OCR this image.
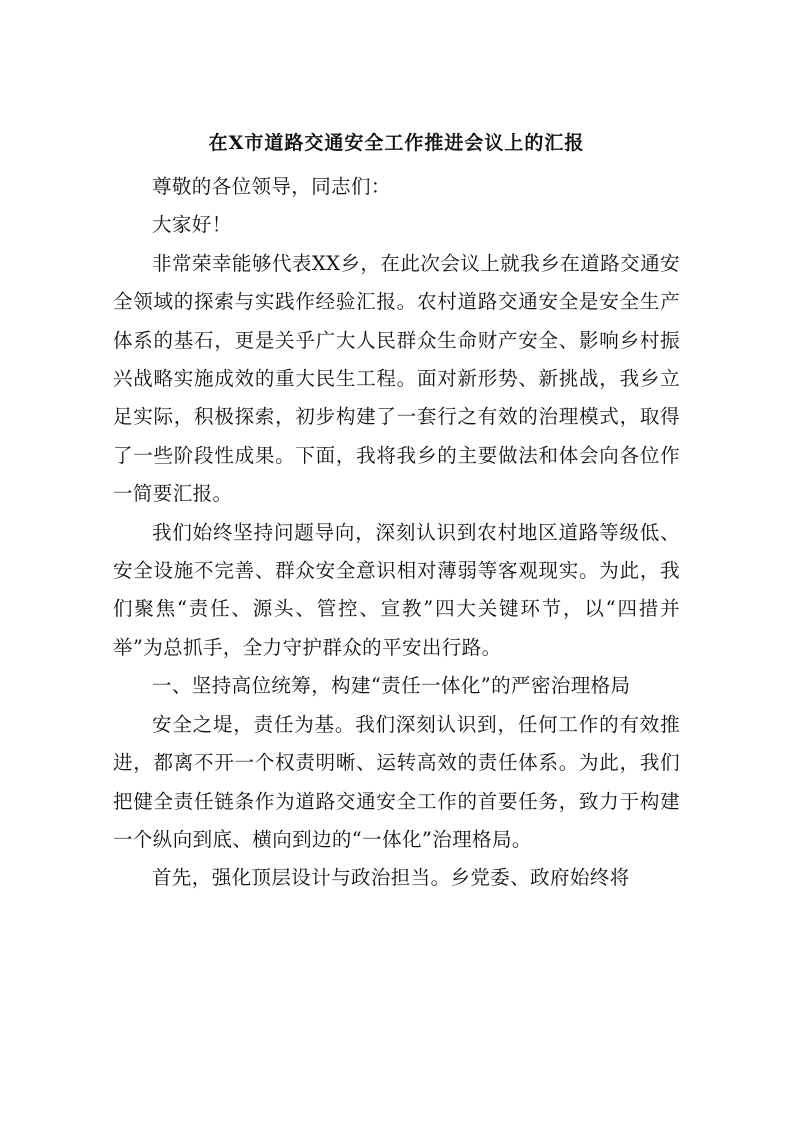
在X市道路交通安全工作推进会议上的汇报

尊敬的各位领导，同志们：

大家好！

非常荣幸能够代表XX乡，在此次会议上就我乡在道路交通安全领域的探索与实践作经验汇报。农村道路交通安全是安全生产体系的基石，更是关乎广大人民群众生命财产安全、影响乡村振兴战略实施成效的重大民生工程。面对新形势、新挑战，我乡立足实际，积极探索，初步构建了一套行之有效的治理模式，取得了一些阶段性成果。下面，我将我乡的主要做法和体会向各位作一简要汇报。

我们始终坚持问题导向，深刻认识到农村地区道路等级低、安全设施不完善、群众安全意识相对薄弱等客观现实。为此，我们聚焦“责任、源头、管控、宣教”四大关键环节，以“四措并举”为总抓手，全力守护群众的平安出行路。

一、坚持高位统筹，构建“责任一体化”的严密治理格局

安全之堤，责任为基。我们深刻认识到，任何工作的有效推进，都离不开一个权责明晰、运转高效的责任体系。为此，我们把健全责任链条作为道路交通安全工作的首要任务，致力于构建一个纵向到底、横向到边的“一体化”治理格局。

首先，强化顶层设计与政治担当。乡党委、政府始终将
